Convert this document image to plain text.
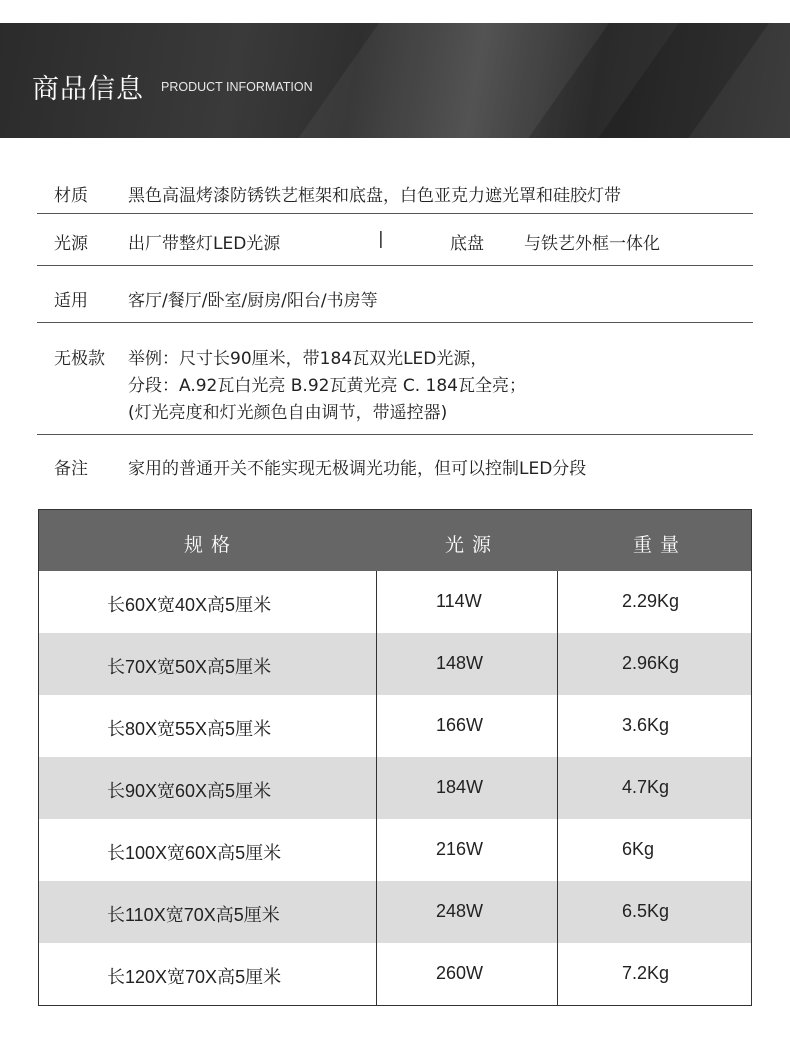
商品信息 PRODUCT INFORMATION
材质 黑色高温烤漆防锈铁艺框架和底盘，白色亚克力遮光罩和硅胶灯带
光源 出厂带整灯LED光源	|	底盘 与铁艺外框一体化
适用 客厅/餐厅/卧室/厨房/阳台/书房等
无极款 举例：尺寸长90厘米，带184瓦双光LED光源，
分段：A.92瓦白光亮 B.92瓦黄光亮 C. 184瓦全亮；
(灯光亮度和灯光颜色自由调节，带遥控器)
备注 家用的普通开关不能实现无极调光功能，但可以控制LED分段
规格	光源	重量
长60X宽40X高5厘米	114W	2.29Kg
长70X宽50X高5厘米	148W	2.96Kg
长80X宽55X高5厘米	166W	3.6Kg
长90X宽60X高5厘米	184W	4.7Kg
长100X宽60X高5厘米	216W	6Kg
长110X宽70X高5厘米	248W	6.5Kg
长120X宽70X高5厘米	260W	7.2Kg
